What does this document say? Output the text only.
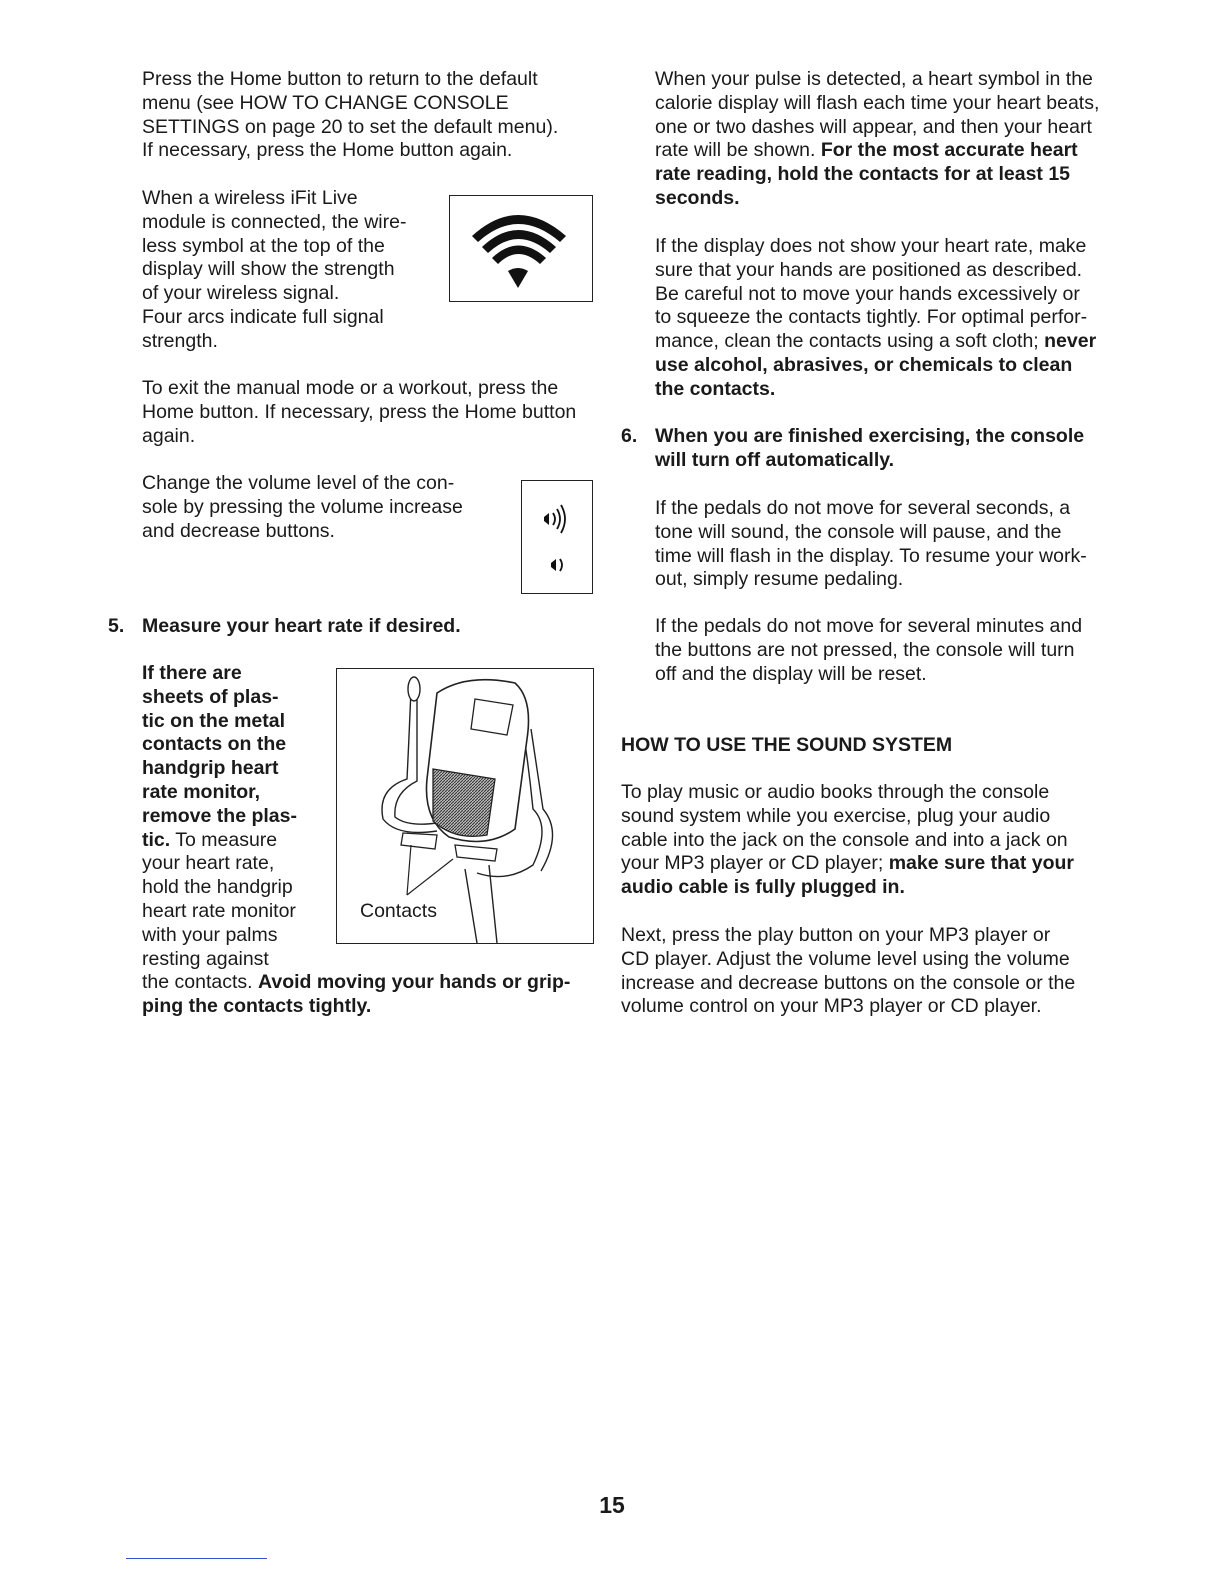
Press the Home button to return to the default
menu (see HOW TO CHANGE CONSOLE
SETTINGS on page 20 to set the default menu).
If necessary, press the Home button again.
When a wireless iFit Live
module is connected, the wire-
less symbol at the top of the
display will show the strength
of your wireless signal.
Four arcs indicate full signal
strength.
To exit the manual mode or a workout, press the
Home button. If necessary, press the Home button
again.
Change the volume level of the con-
sole by pressing the volume increase
and decrease buttons.
5. Measure your heart rate if desired.
If there are
sheets of plas-
tic on the metal
contacts on the
handgrip heart
rate monitor,
remove the plas-
tic. To measure
your heart rate,
hold the handgrip
heart rate monitor
with your palms
resting against
the contacts. Avoid moving your hands or grip-
ping the contacts tightly.
Contacts
When your pulse is detected, a heart symbol in the
calorie display will flash each time your heart beats,
one or two dashes will appear, and then your heart
rate will be shown. For the most accurate heart
rate reading, hold the contacts for at least 15
seconds.
If the display does not show your heart rate, make
sure that your hands are positioned as described.
Be careful not to move your hands excessively or
to squeeze the contacts tightly. For optimal perfor-
mance, clean the contacts using a soft cloth; never
use alcohol, abrasives, or chemicals to clean
the contacts.
6. When you are finished exercising, the console
will turn off automatically.
If the pedals do not move for several seconds, a
tone will sound, the console will pause, and the
time will flash in the display. To resume your work-
out, simply resume pedaling.
If the pedals do not move for several minutes and
the buttons are not pressed, the console will turn
off and the display will be reset.
HOW TO USE THE SOUND SYSTEM
To play music or audio books through the console
sound system while you exercise, plug your audio
cable into the jack on the console and into a jack on
your MP3 player or CD player; make sure that your
audio cable is fully plugged in.
Next, press the play button on your MP3 player or
CD player. Adjust the volume level using the volume
increase and decrease buttons on the console or the
volume control on your MP3 player or CD player.
15
